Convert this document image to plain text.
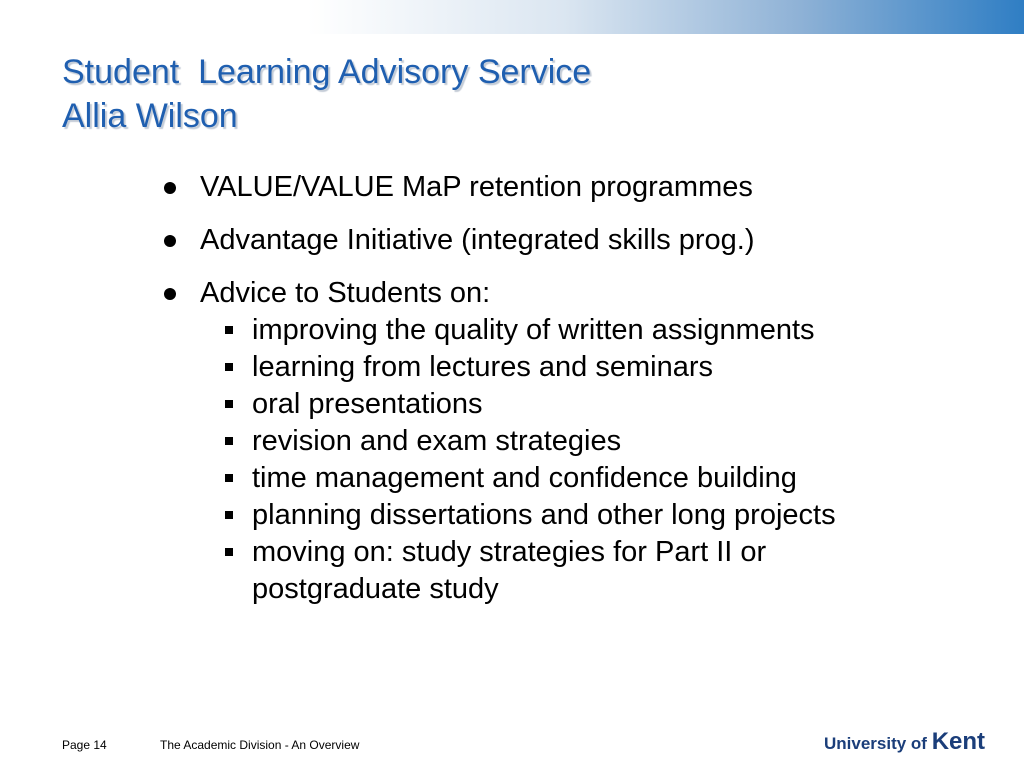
Student  Learning Advisory Service
Allia Wilson
VALUE/VALUE MaP retention programmes
Advantage Initiative (integrated skills prog.)
Advice to Students on:
improving the quality of written assignments
learning from lectures and seminars
oral presentations
revision and exam strategies
time management and confidence building
planning dissertations and other long projects
moving on: study strategies for Part II or postgraduate study
Page 14	The Academic Division - An Overview	University of Kent
